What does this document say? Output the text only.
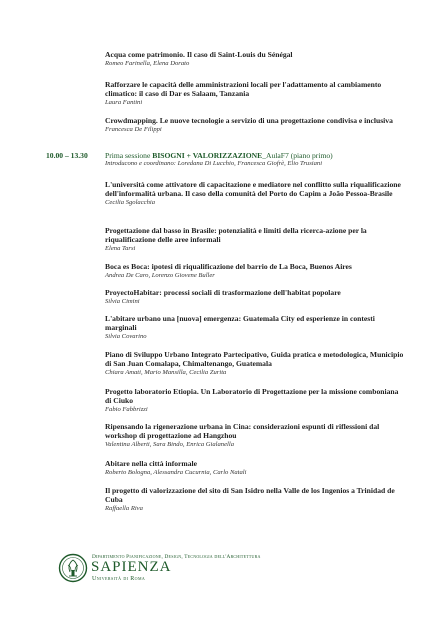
Acqua come patrimonio. Il caso di Saint-Louis du Sénégal
Romeo Farinella, Elena Dorato
Rafforzare le capacità delle amministrazioni locali per l'adattamento al cambiamento climatico: il caso di Dar es Salaam, Tanzania
Laura Fantini
Crowdmapping. Le nuove tecnologie a servizio di una progettazione condivisa e inclusiva
Francesca De Filippi
10.00 – 13.30 Prima sessione BISOGNI + VALORIZZAZIONE_AulaF7 (piano primo)
Introducono e coordinano: Loredana Di Lucchio, Francesca Giofrè, Elio Trusiani
L'università come attivatore di capacitazione e mediatore nel conflitto sulla riqualificazione dell'informalità urbana. Il caso della comunità del Porto do Capim a João Pessoa-Brasile
Cecilia Sgolacchia
Progettazione dal basso in Brasile: potenzialità e limiti della ricerca-azione per la riqualificazione delle aree informali
Elena Tarsi
Boca es Boca: ipotesi di riqualificazione del barrio de La Boca, Buenos Aires
Andrea De Caro, Lorenzo Giovene Buller
ProyectoHabitar: processi sociali di trasformazione dell'habitat popolare
Silvia Cimini
L'abitare urbano una [nuova] emergenza: Guatemala City ed esperienze in contesti marginali
Silvia Covarino
Piano di Sviluppo Urbano Integrato Partecipativo, Guida pratica e metodologica, Municipio di San Juan Comalapa, Chimaltenango, Guatemala
Chiara Amati, Mario Mansilla, Cecilia Zurita
Progetto laboratorio Etiopia. Un Laboratorio di Progettazione per la missione comboniana di Ciuko
Fabio Fabbrizzi
Ripensando la rigenerazione urbana in Cina: considerazioni espunti di riflessioni dal workshop di progettazione ad Hangzhou
Valentina Alberti, Sara Bindo, Enrica Gialanella
Abitare nella città informale
Roberto Bologna, Alessandra Cucurnia, Carlo Natali
Il progetto di valorizzazione del sito di San Isidro nella Valle de los Ingenios a Trinidad de Cuba
Raffaella Riva
Dipartimento Pianificazione, Design, Tecnologia dell'Architettura
SAPIENZA
Università di Roma
